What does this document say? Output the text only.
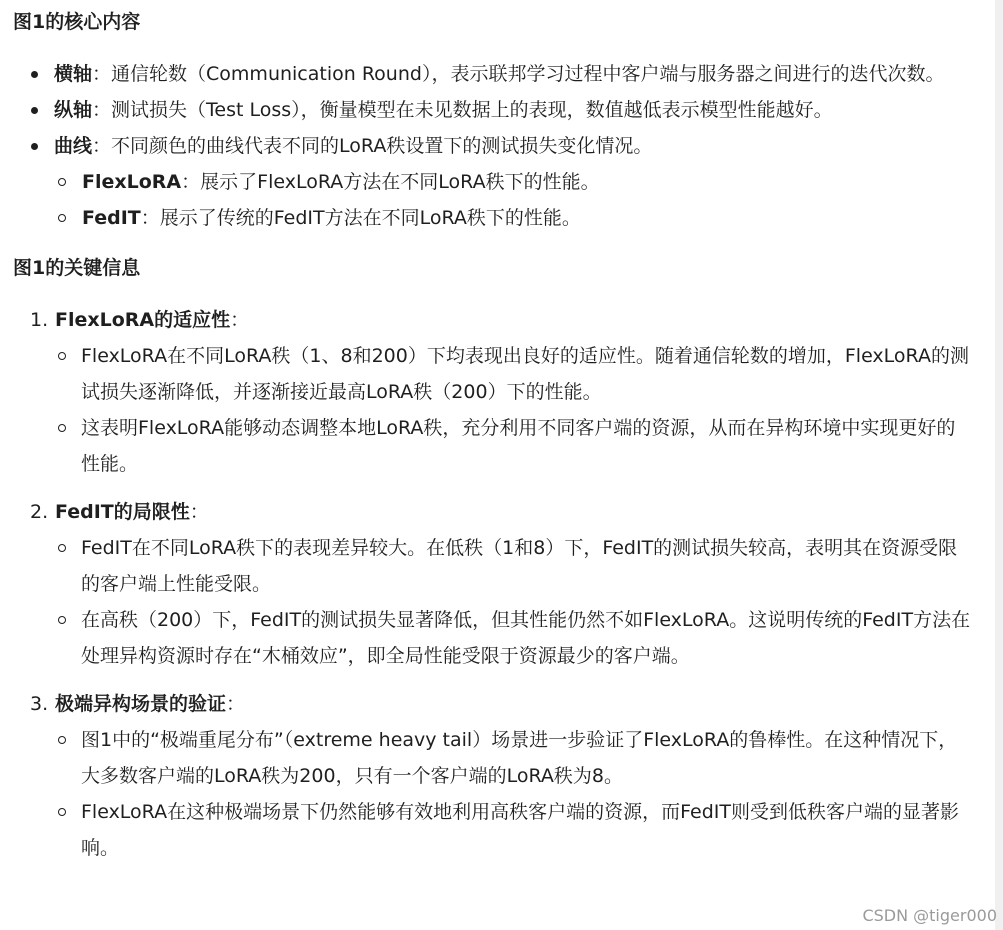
图1的核心内容
横轴：通信轮数（Communication Round），表示联邦学习过程中客户端与服务器之间进行的迭代次数。
纵轴：测试损失（Test Loss），衡量模型在未见数据上的表现，数值越低表示模型性能越好。
曲线：不同颜色的曲线代表不同的LoRA秩设置下的测试损失变化情况。
FlexLoRA：展示了FlexLoRA方法在不同LoRA秩下的性能。
FedIT：展示了传统的FedIT方法在不同LoRA秩下的性能。
图1的关键信息
1. FlexLoRA的适应性：
FlexLoRA在不同LoRA秩（1、8和200）下均表现出良好的适应性。随着通信轮数的增加，FlexLoRA的测试损失逐渐降低，并逐渐接近最高LoRA秩（200）下的性能。
这表明FlexLoRA能够动态调整本地LoRA秩，充分利用不同客户端的资源，从而在异构环境中实现更好的性能。
2. FedIT的局限性：
FedIT在不同LoRA秩下的表现差异较大。在低秩（1和8）下，FedIT的测试损失较高，表明其在资源受限的客户端上性能受限。
在高秩（200）下，FedIT的测试损失显著降低，但其性能仍然不如FlexLoRA。这说明传统的FedIT方法在处理异构资源时存在“木桶效应”，即全局性能受限于资源最少的客户端。
3. 极端异构场景的验证：
图1中的“极端重尾分布”（extreme heavy tail）场景进一步验证了FlexLoRA的鲁棒性。在这种情况下，大多数客户端的LoRA秩为200，只有一个客户端的LoRA秩为8。
FlexLoRA在这种极端场景下仍然能够有效地利用高秩客户端的资源，而FedIT则受到低秩客户端的显著影响。
CSDN @tiger000
